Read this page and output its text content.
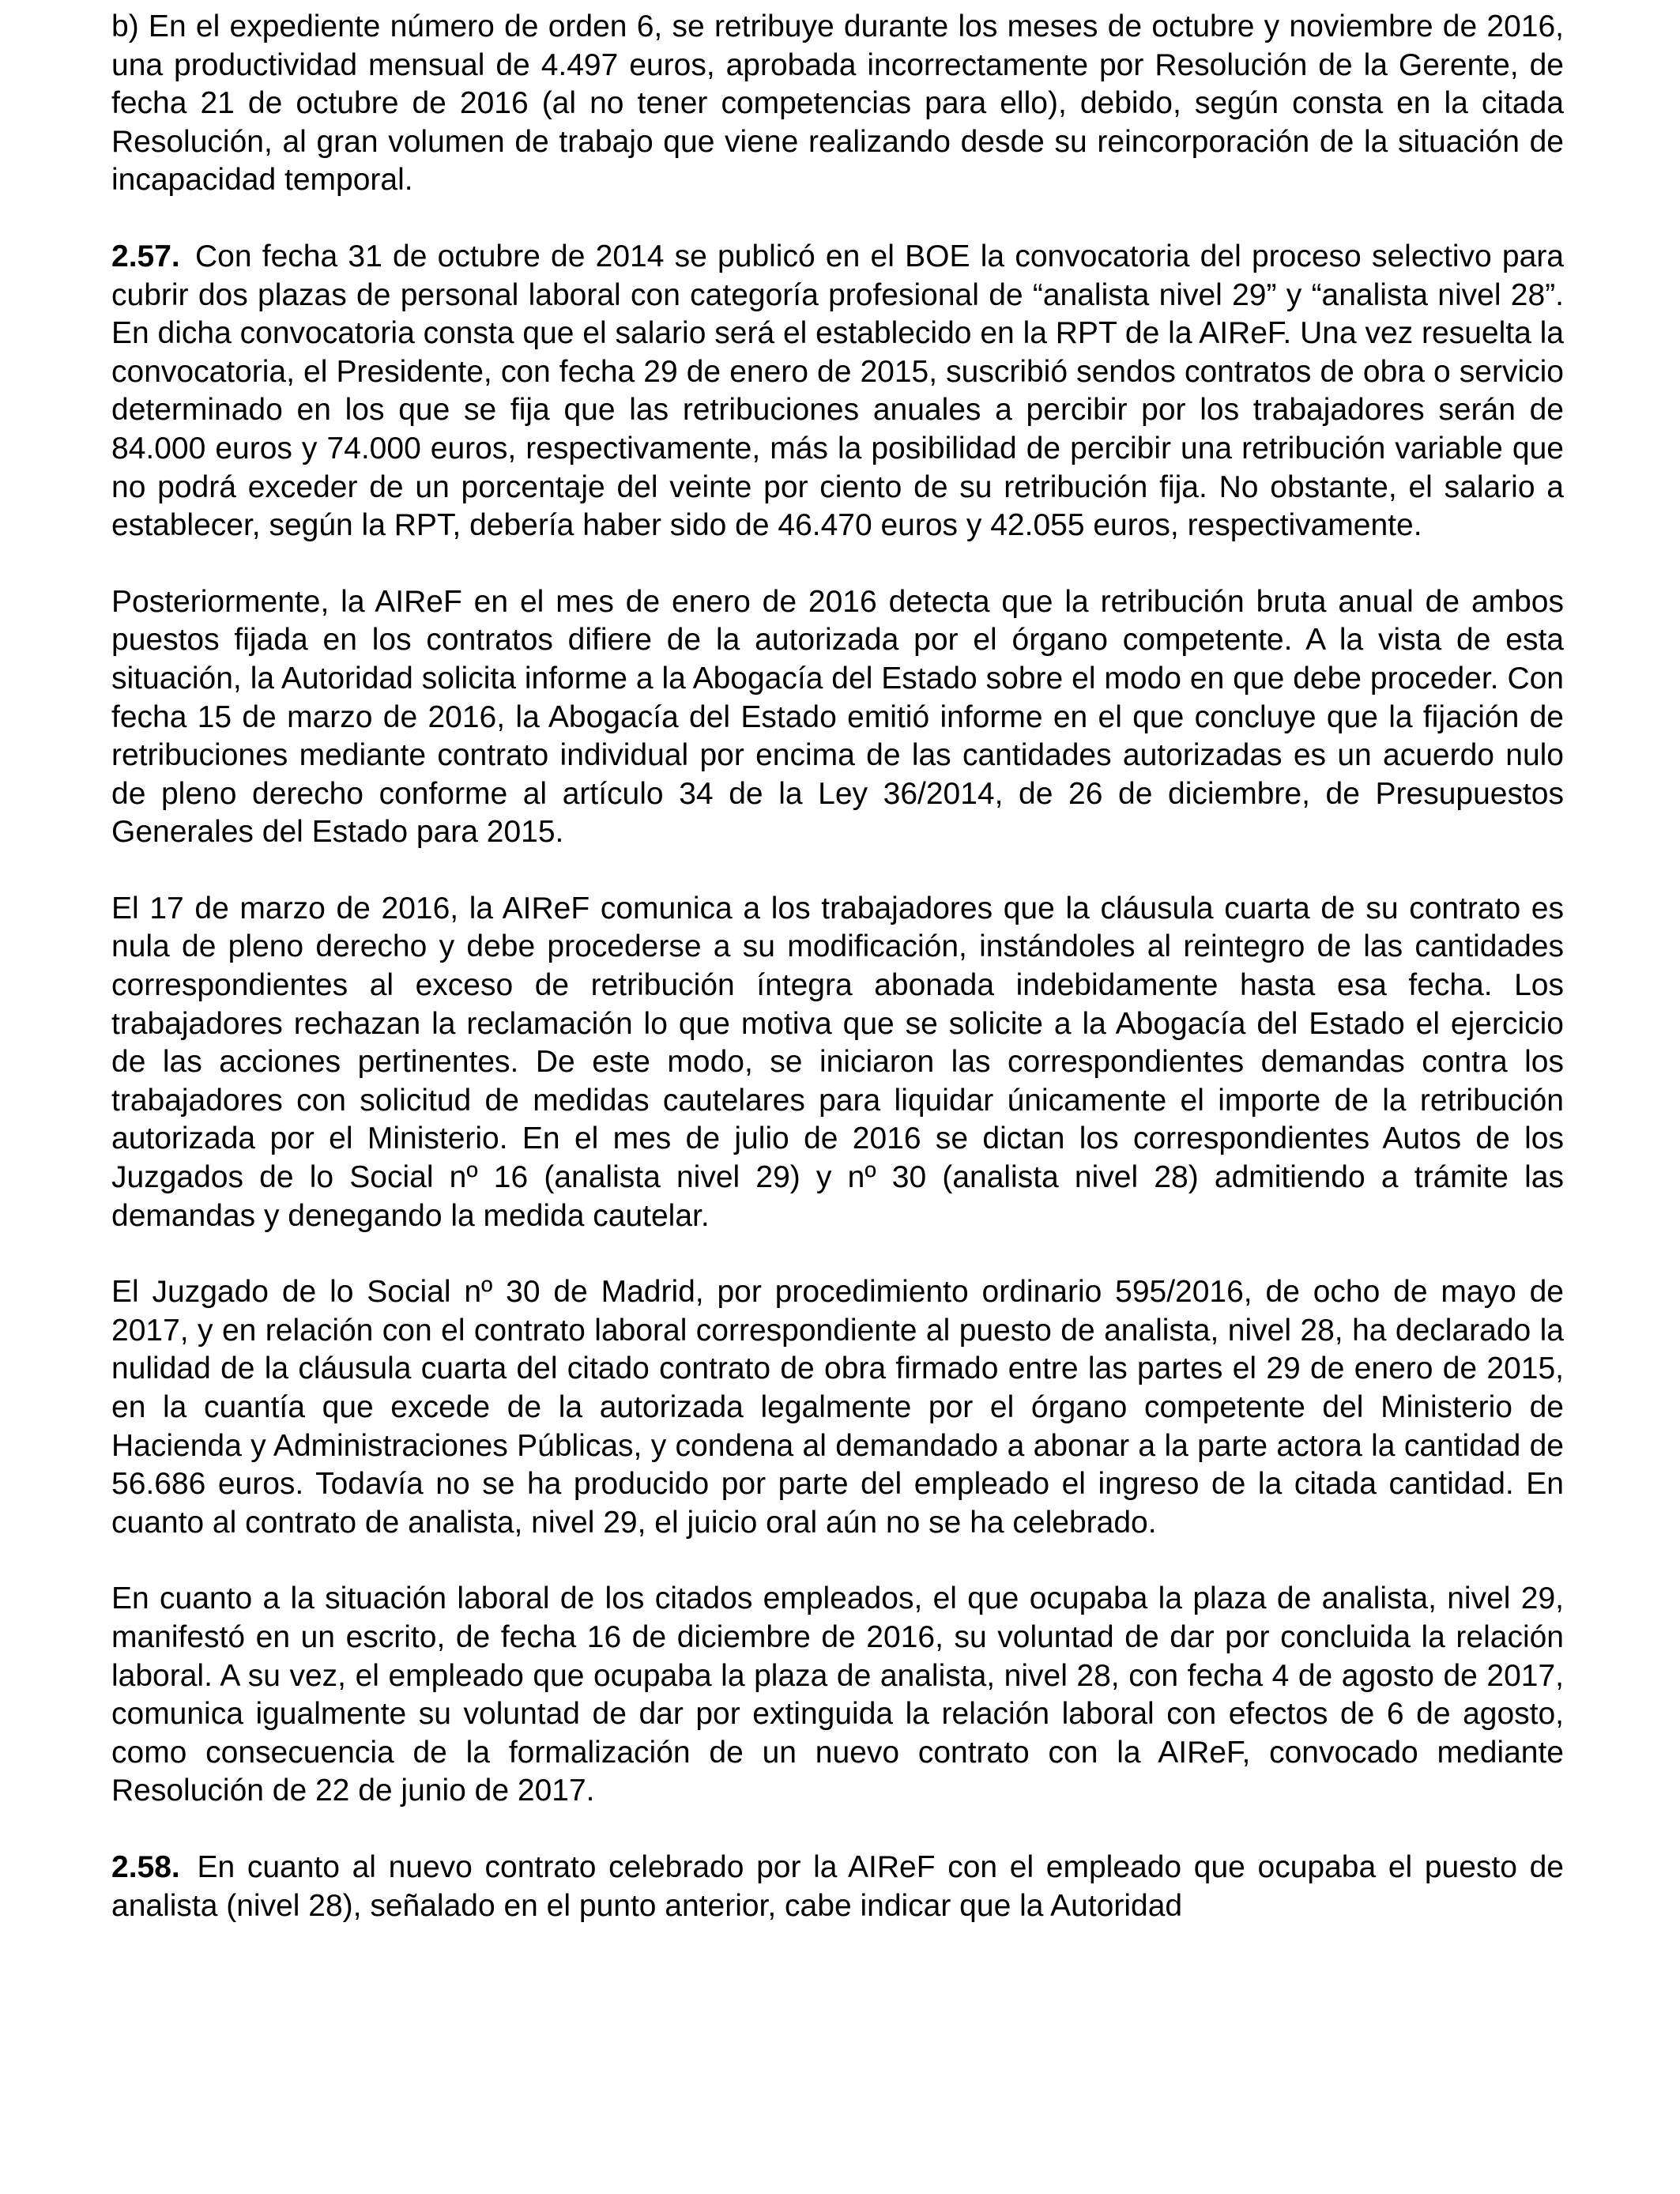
b) En el expediente número de orden 6, se retribuye durante los meses de octubre y noviembre de 2016, una productividad mensual de 4.497 euros, aprobada incorrectamente por Resolución de la Gerente, de fecha 21 de octubre de 2016 (al no tener competencias para ello), debido, según consta en la citada Resolución, al gran volumen de trabajo que viene realizando desde su reincorporación de la situación de incapacidad temporal.

2.57. Con fecha 31 de octubre de 2014 se publicó en el BOE la convocatoria del proceso selectivo para cubrir dos plazas de personal laboral con categoría profesional de “analista nivel 29” y “analista nivel 28”. En dicha convocatoria consta que el salario será el establecido en la RPT de la AIReF. Una vez resuelta la convocatoria, el Presidente, con fecha 29 de enero de 2015, suscribió sendos contratos de obra o servicio determinado en los que se fija que las retribuciones anuales a percibir por los trabajadores serán de 84.000 euros y 74.000 euros, respectivamente, más la posibilidad de percibir una retribución variable que no podrá exceder de un porcentaje del veinte por ciento de su retribución fija. No obstante, el salario a establecer, según la RPT, debería haber sido de 46.470 euros y 42.055 euros, respectivamente.

Posteriormente, la AIReF en el mes de enero de 2016 detecta que la retribución bruta anual de ambos puestos fijada en los contratos difiere de la autorizada por el órgano competente. A la vista de esta situación, la Autoridad solicita informe a la Abogacía del Estado sobre el modo en que debe proceder. Con fecha 15 de marzo de 2016, la Abogacía del Estado emitió informe en el que concluye que la fijación de retribuciones mediante contrato individual por encima de las cantidades autorizadas es un acuerdo nulo de pleno derecho conforme al artículo 34 de la Ley 36/2014, de 26 de diciembre, de Presupuestos Generales del Estado para 2015.

El 17 de marzo de 2016, la AIReF comunica a los trabajadores que la cláusula cuarta de su contrato es nula de pleno derecho y debe procederse a su modificación, instándoles al reintegro de las cantidades correspondientes al exceso de retribución íntegra abonada indebidamente hasta esa fecha. Los trabajadores rechazan la reclamación lo que motiva que se solicite a la Abogacía del Estado el ejercicio de las acciones pertinentes. De este modo, se iniciaron las correspondientes demandas contra los trabajadores con solicitud de medidas cautelares para liquidar únicamente el importe de la retribución autorizada por el Ministerio. En el mes de julio de 2016 se dictan los correspondientes Autos de los Juzgados de lo Social nº 16 (analista nivel 29) y nº 30 (analista nivel 28) admitiendo a trámite las demandas y denegando la medida cautelar.

El Juzgado de lo Social nº 30 de Madrid, por procedimiento ordinario 595/2016, de ocho de mayo de 2017, y en relación con el contrato laboral correspondiente al puesto de analista, nivel 28, ha declarado la nulidad de la cláusula cuarta del citado contrato de obra firmado entre las partes el 29 de enero de 2015, en la cuantía que excede de la autorizada legalmente por el órgano competente del Ministerio de Hacienda y Administraciones Públicas, y condena al demandado a abonar a la parte actora la cantidad de 56.686 euros. Todavía no se ha producido por parte del empleado el ingreso de la citada cantidad. En cuanto al contrato de analista, nivel 29, el juicio oral aún no se ha celebrado.

En cuanto a la situación laboral de los citados empleados, el que ocupaba la plaza de analista, nivel 29, manifestó en un escrito, de fecha 16 de diciembre de 2016, su voluntad de dar por concluida la relación laboral. A su vez, el empleado que ocupaba la plaza de analista, nivel 28, con fecha 4 de agosto de 2017, comunica igualmente su voluntad de dar por extinguida la relación laboral con efectos de 6 de agosto, como consecuencia de la formalización de un nuevo contrato con la AIReF, convocado mediante Resolución de 22 de junio de 2017.

2.58. En cuanto al nuevo contrato celebrado por la AIReF con el empleado que ocupaba el puesto de analista (nivel 28), señalado en el punto anterior, cabe indicar que la Autoridad
